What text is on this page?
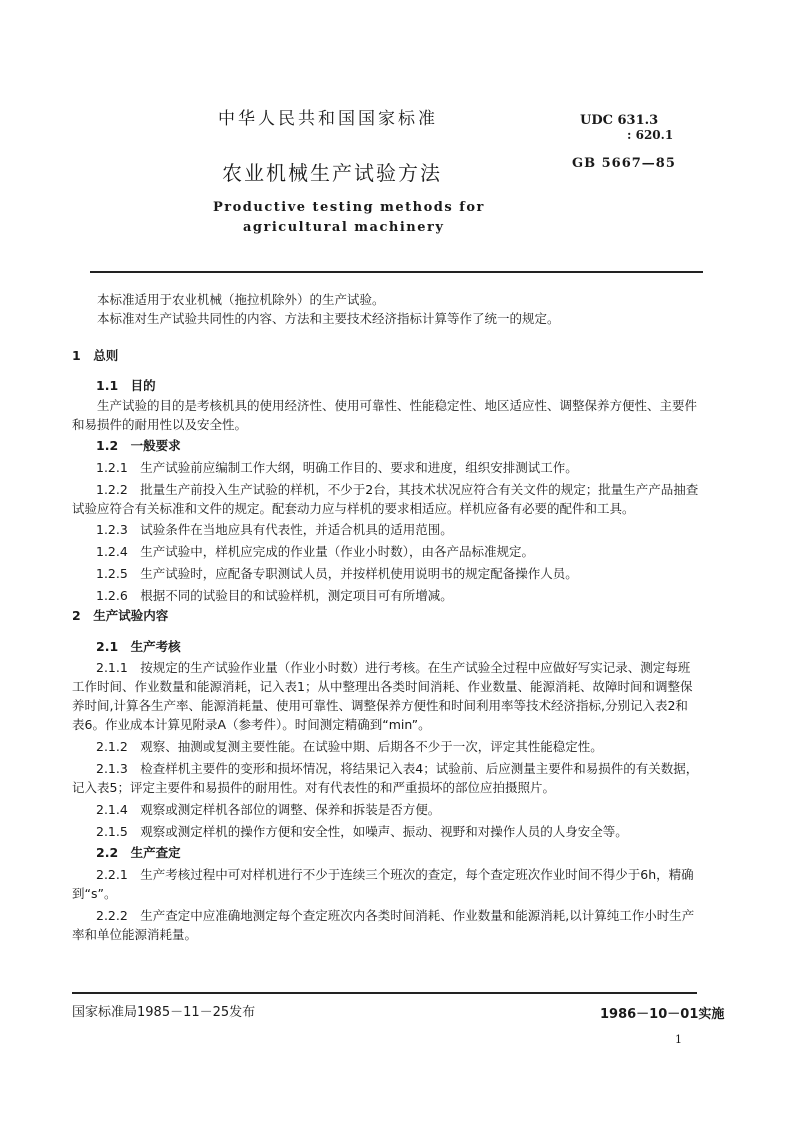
中华人民共和国国家标准
农业机械生产试验方法
Productive testing methods for
agricultural machinery
UDC 631.3
: 620.1
GB 5667—85
本标准适用于农业机械（拖拉机除外）的生产试验。
本标准对生产试验共同性的内容、方法和主要技术经济指标计算等作了统一的规定。
1　总则
1.1　目的
生产试验的目的是考核机具的使用经济性、使用可靠性、性能稳定性、地区适应性、调整保养方便性、主要件和易损件的耐用性以及安全性。
1.2　一般要求
1.2.1　生产试验前应编制工作大纲，明确工作目的、要求和进度，组织安排测试工作。
1.2.2　批量生产前投入生产试验的样机，不少于2台，其技术状况应符合有关文件的规定；批量生产产品抽查试验应符合有关标准和文件的规定。配套动力应与样机的要求相适应。样机应备有必要的配件和工具。
1.2.3　试验条件在当地应具有代表性，并适合机具的适用范围。
1.2.4　生产试验中，样机应完成的作业量（作业小时数），由各产品标准规定。
1.2.5　生产试验时，应配备专职测试人员，并按样机使用说明书的规定配备操作人员。
1.2.6　根据不同的试验目的和试验样机，测定项目可有所增减。
2　生产试验内容
2.1　生产考核
2.1.1　按规定的生产试验作业量（作业小时数）进行考核。在生产试验全过程中应做好写实记录、测定每班工作时间、作业数量和能源消耗，记入表1；从中整理出各类时间消耗、作业数量、能源消耗、故障时间和调整保养时间,计算各生产率、能源消耗量、使用可靠性、调整保养方便性和时间利用率等技术经济指标,分别记入表2和表6。作业成本计算见附录A（参考件）。时间测定精确到“min”。
2.1.2　观察、抽测或复测主要性能。在试验中期、后期各不少于一次，评定其性能稳定性。
2.1.3　检查样机主要件的变形和损坏情况，将结果记入表4；试验前、后应测量主要件和易损件的有关数据，记入表5；评定主要件和易损件的耐用性。对有代表性的和严重损坏的部位应拍摄照片。
2.1.4　观察或测定样机各部位的调整、保养和拆装是否方便。
2.1.5　观察或测定样机的操作方便和安全性，如噪声、振动、视野和对操作人员的人身安全等。
2.2　生产查定
2.2.1　生产考核过程中可对样机进行不少于连续三个班次的查定，每个查定班次作业时间不得少于6h，精确到“s”。
2.2.2　生产查定中应准确地测定每个查定班次内各类时间消耗、作业数量和能源消耗,以计算纯工作小时生产率和单位能源消耗量。
国家标准局1985－11－25发布	1986－10－01实施
1
